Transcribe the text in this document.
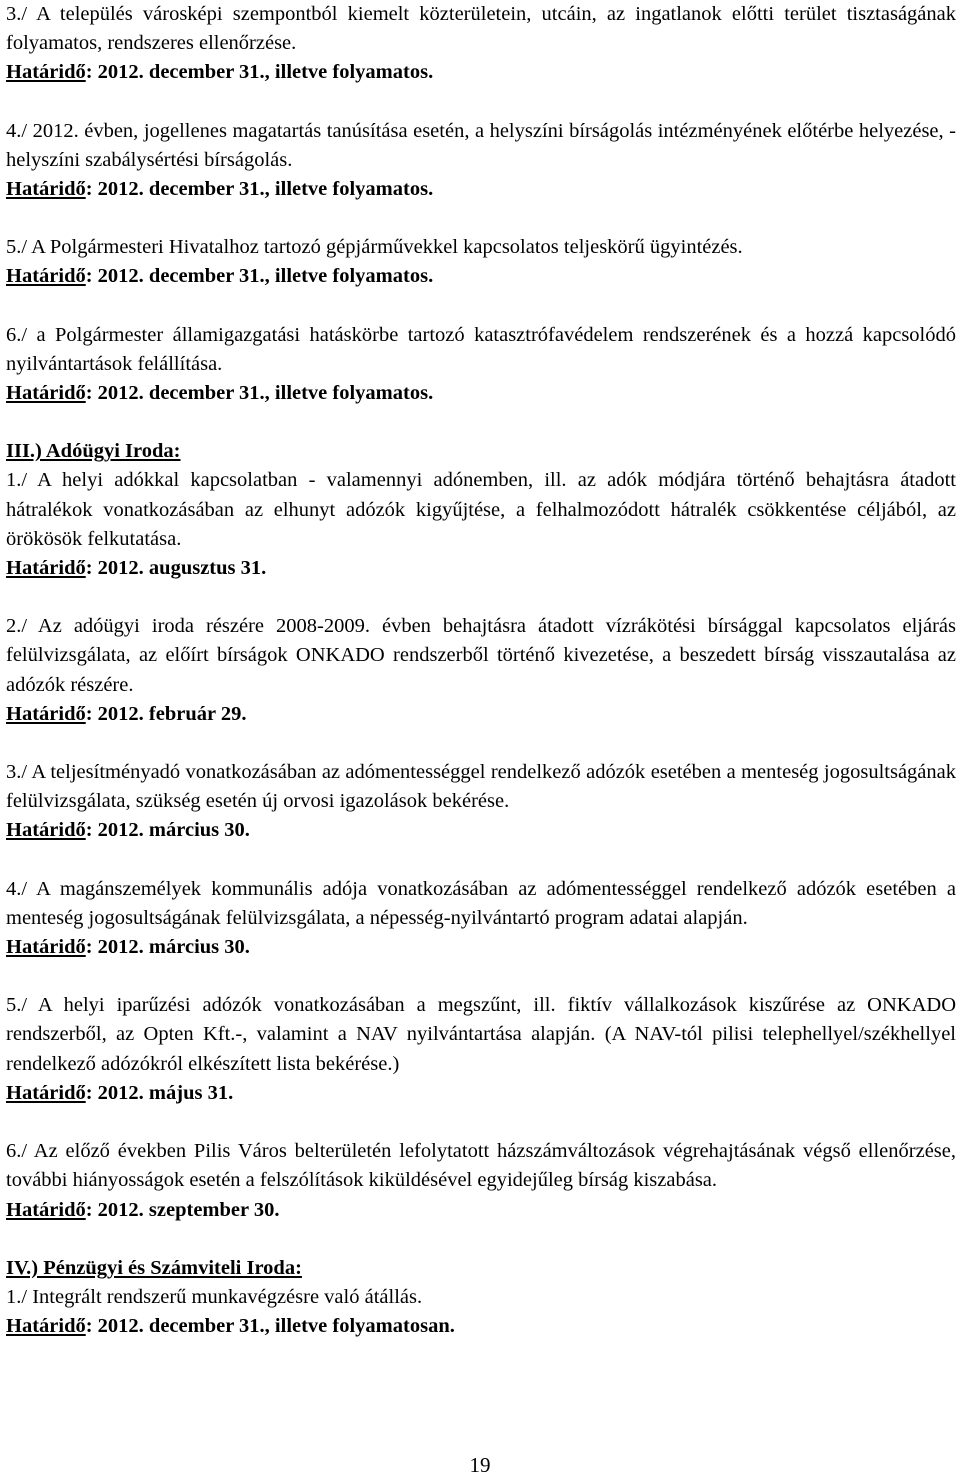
3./ A település városképi szempontból kiemelt közterületein, utcáin, az ingatlanok előtti terület tisztaságának folyamatos, rendszeres ellenőrzése.

Határidő: 2012. december 31., illetve folyamatos.

4./ 2012. évben, jogellenes magatartás tanúsítása esetén, a helyszíni bírságolás intézményének előtérbe helyezése, - helyszíni szabálysértési bírságolás.

Határidő: 2012. december 31., illetve folyamatos.

5./ A Polgármesteri Hivatalhoz tartozó gépjárművekkel kapcsolatos teljeskörű ügyintézés.

Határidő: 2012. december 31., illetve folyamatos.

6./ a Polgármester államigazgatási hatáskörbe tartozó katasztrófavédelem rendszerének és a hozzá kapcsolódó nyilvántartások felállítása.

Határidő: 2012. december 31., illetve folyamatos.

III.) Adóügyi Iroda:

1./ A helyi adókkal kapcsolatban - valamennyi adónemben, ill. az adók módjára történő behajtásra átadott hátralékok vonatkozásában az elhunyt adózók kigyűjtése, a felhalmozódott hátralék csökkentése céljából, az örökösök felkutatása.

Határidő: 2012. augusztus 31.

2./ Az adóügyi iroda részére 2008-2009. évben behajtásra átadott vízrákötési bírsággal kapcsolatos eljárás felülvizsgálata, az előírt bírságok ONKADO rendszerből történő kivezetése, a beszedett bírság visszautalása az adózók részére.

Határidő: 2012. február 29.

3./ A teljesítményadó vonatkozásában az adómentességgel rendelkező adózók esetében a menteség jogosultságának felülvizsgálata, szükség esetén új orvosi igazolások bekérése.

Határidő: 2012. március 30.

4./ A magánszemélyek kommunális adója vonatkozásában az adómentességgel rendelkező adózók esetében a menteség jogosultságának felülvizsgálata, a népesség-nyilvántartó program adatai alapján.

Határidő: 2012. március 30.

5./ A helyi iparűzési adózók vonatkozásában a megszűnt, ill. fiktív vállalkozások kiszűrése az ONKADO rendszerből, az Opten Kft.-, valamint a NAV nyilvántartása alapján. (A NAV-tól pilisi telephellyel/székhellyel rendelkező adózókról elkészített lista bekérése.)

Határidő: 2012. május 31.

6./ Az előző években Pilis Város belterületén lefolytatott házszámváltozások végrehajtásának végső ellenőrzése, további hiányosságok esetén a felszólítások kiküldésével egyidejűleg bírság kiszabása.

Határidő: 2012. szeptember 30.

IV.) Pénzügyi és Számviteli Iroda:

1./ Integrált rendszerű munkavégzésre való átállás.

Határidő: 2012. december 31., illetve folyamatosan.

19
